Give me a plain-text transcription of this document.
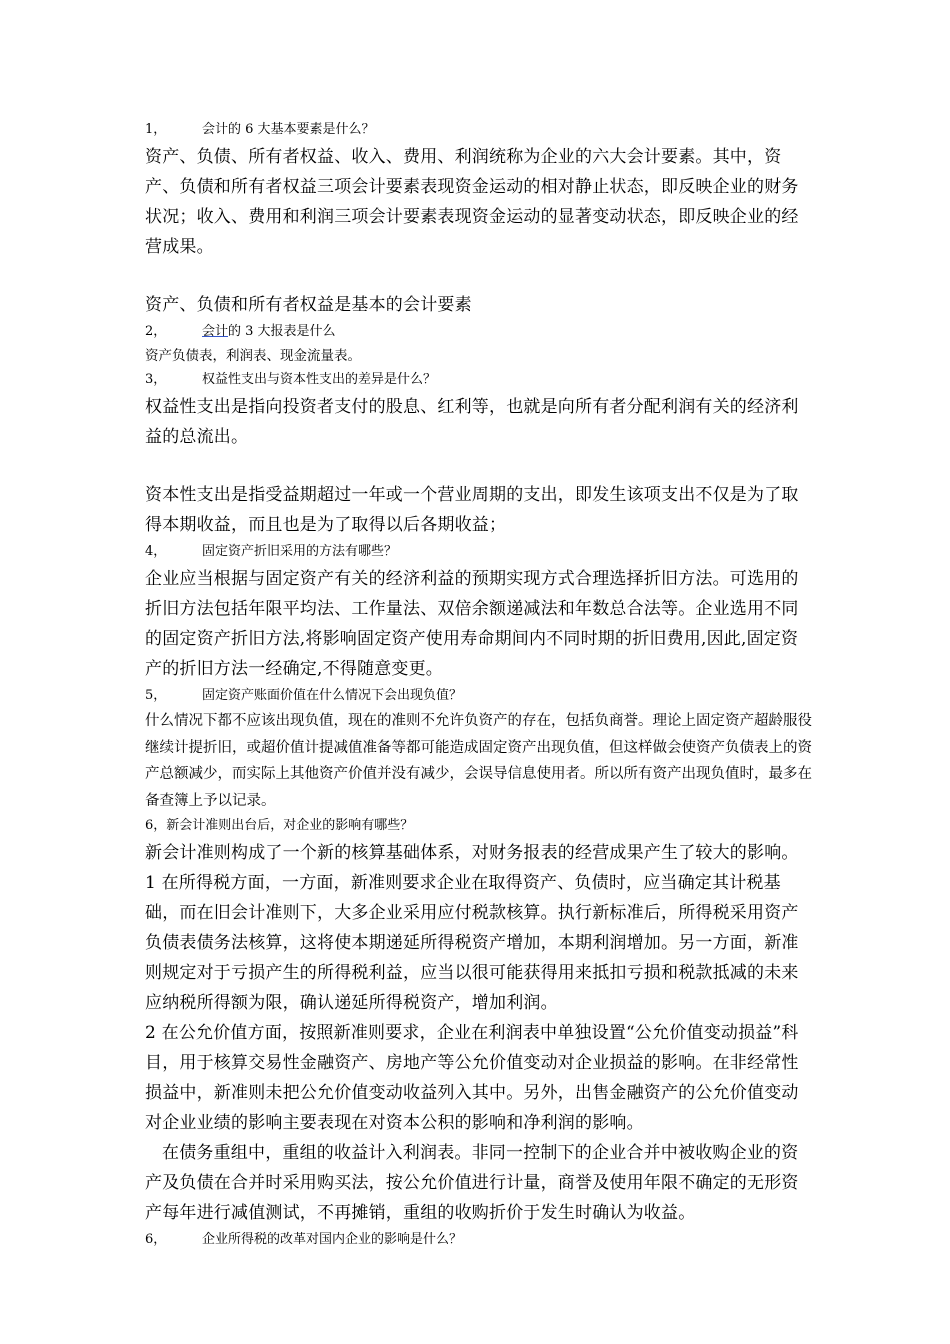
1，	会计的 6 大基本要素是什么？

资产、负债、所有者权益、收入、费用、利润统称为企业的六大会计要素。其中，资产、负债和所有者权益三项会计要素表现资金运动的相对静止状态，即反映企业的财务状况；收入、费用和利润三项会计要素表现资金运动的显著变动状态，即反映企业的经营成果。

资产、负债和所有者权益是基本的会计要素

2，	会计的 3 大报表是什么

资产负债表，利润表、现金流量表。

3，	权益性支出与资本性支出的差异是什么？

权益性支出是指向投资者支付的股息、红利等，也就是向所有者分配利润有关的经济利益的总流出。

资本性支出是指受益期超过一年或一个营业周期的支出，即发生该项支出不仅是为了取得本期收益，而且也是为了取得以后各期收益；

4，	固定资产折旧采用的方法有哪些？

企业应当根据与固定资产有关的经济利益的预期实现方式合理选择折旧方法。可选用的折旧方法包括年限平均法、工作量法、双倍余额递减法和年数总合法等。企业选用不同的固定资产折旧方法,将影响固定资产使用寿命期间内不同时期的折旧费用,因此,固定资产的折旧方法一经确定,不得随意变更。

5，	固定资产账面价值在什么情况下会出现负值？

什么情况下都不应该出现负值，现在的准则不允许负资产的存在，包括负商誉。理论上固定资产超龄服役继续计提折旧，或超价值计提减值准备等都可能造成固定资产出现负值，但这样做会使资产负债表上的资产总额减少，而实际上其他资产价值并没有减少，会误导信息使用者。所以所有资产出现负值时，最多在备查簿上予以记录。

6， 新会计准则出台后，对企业的影响有哪些？

新会计准则构成了一个新的核算基础体系，对财务报表的经营成果产生了较大的影响。

1 在所得税方面，一方面，新准则要求企业在取得资产、负债时，应当确定其计税基础，而在旧会计准则下，大多企业采用应付税款核算。执行新标准后，所得税采用资产负债表债务法核算，这将使本期递延所得税资产增加，本期利润增加。另一方面，新准则规定对于亏损产生的所得税利益，应当以很可能获得用来抵扣亏损和税款抵减的未来应纳税所得额为限，确认递延所得税资产，增加利润。

2 在公允价值方面，按照新准则要求，企业在利润表中单独设置“公允价值变动损益”科目，用于核算交易性金融资产、房地产等公允价值变动对企业损益的影响。在非经常性损益中，新准则未把公允价值变动收益列入其中。另外，出售金融资产的公允价值变动对企业业绩的影响主要表现在对资本公积的影响和净利润的影响。

在债务重组中，重组的收益计入利润表。非同一控制下的企业合并中被收购企业的资产及负债在合并时采用购买法，按公允价值进行计量，商誉及使用年限不确定的无形资产每年进行减值测试，不再摊销，重组的收购折价于发生时确认为收益。

6，	企业所得税的改革对国内企业的影响是什么？
